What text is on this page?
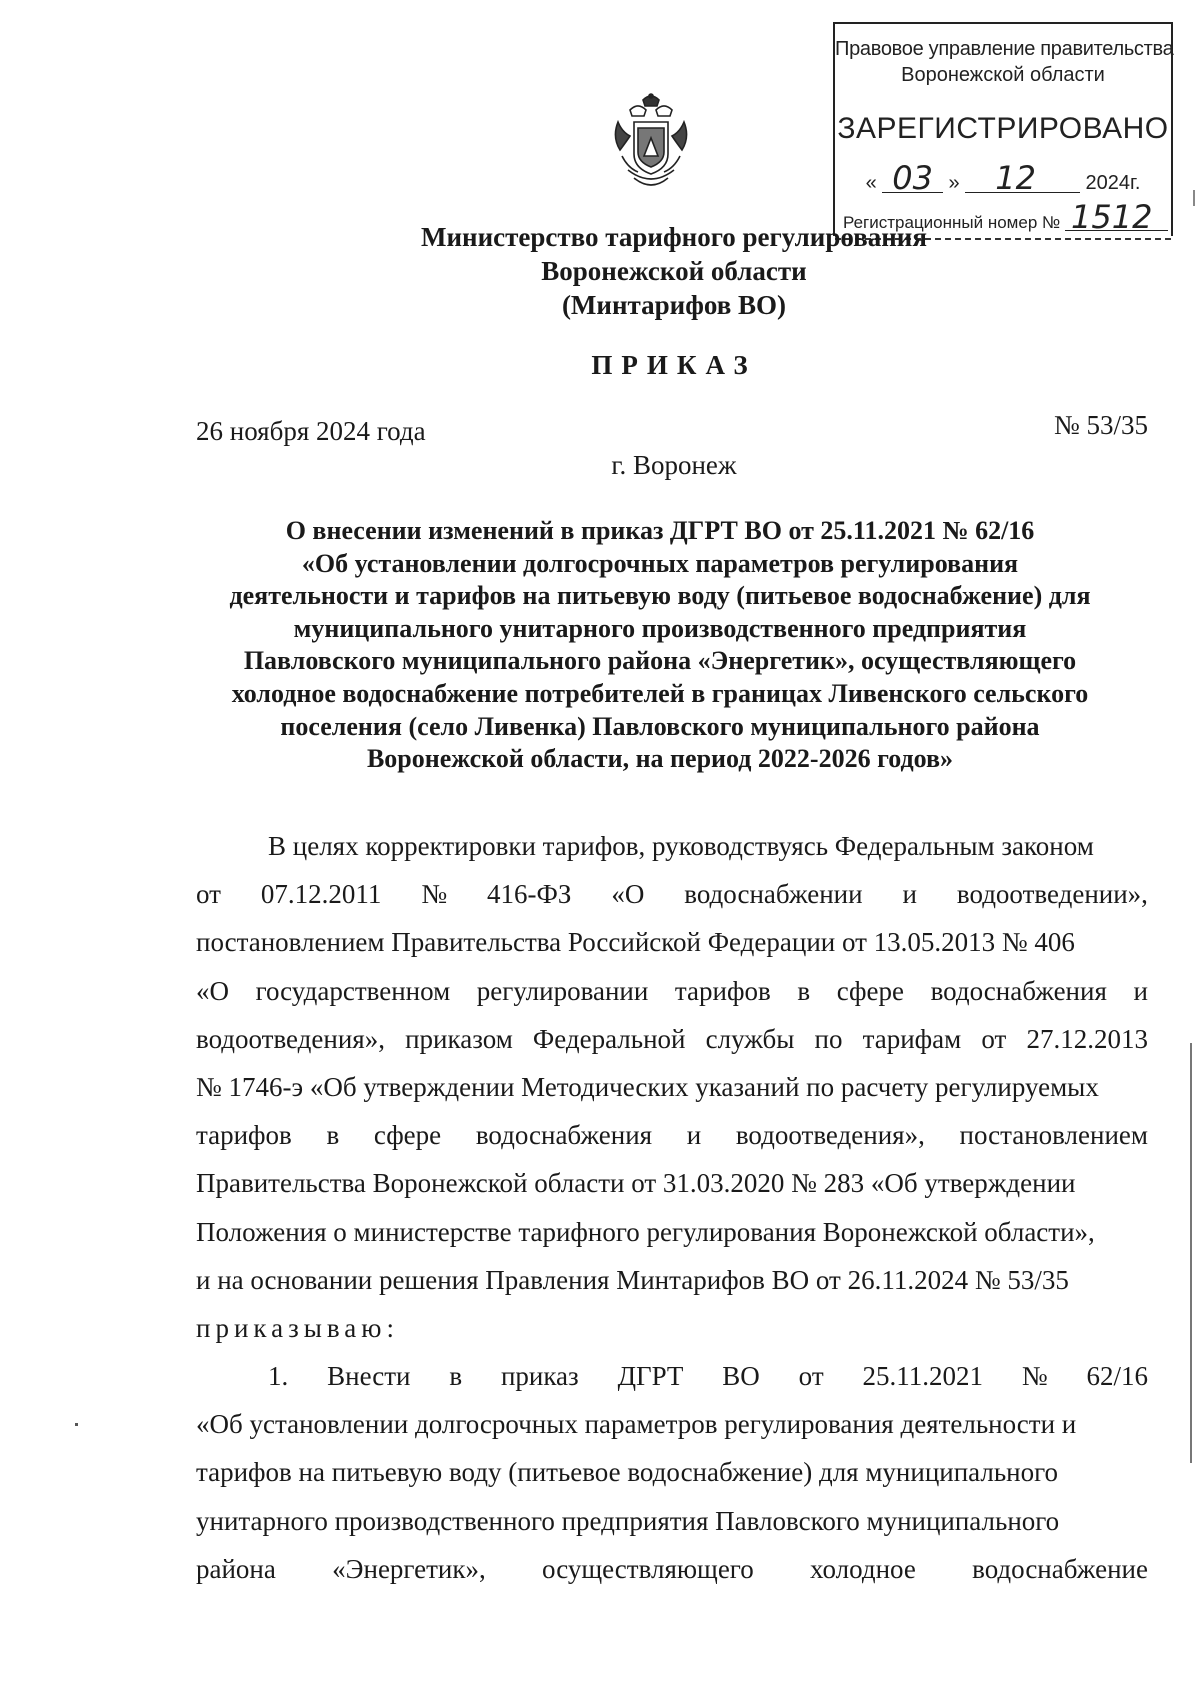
Правовое управление правительства
Воронежской области
ЗАРЕГИСТРИРОВАНО
« 03 » 12 2024г.
Регистрационный номер № 1512
Министерство тарифного регулирования
Воронежской области
(Минтарифов ВО)
ПРИКАЗ
26 ноября 2024 года	№ 53/35
г. Воронеж
О внесении изменений в приказ ДГРТ ВО от 25.11.2021 № 62/16
«Об установлении долгосрочных параметров регулирования
деятельности и тарифов на питьевую воду (питьевое водоснабжение) для
муниципального унитарного производственного предприятия
Павловского муниципального района «Энергетик», осуществляющего
холодное водоснабжение потребителей в границах Ливенского сельского
поселения (село Ливенка) Павловского муниципального района
Воронежской области, на период 2022-2026 годов»
В целях корректировки тарифов, руководствуясь Федеральным законом
от 07.12.2011 № 416-ФЗ «О водоснабжении и водоотведении»,
постановлением Правительства Российской Федерации от 13.05.2013 № 406
«О государственном регулировании тарифов в сфере водоснабжения и
водоотведения», приказом Федеральной службы по тарифам от 27.12.2013
№ 1746-э «Об утверждении Методических указаний по расчету регулируемых
тарифов в сфере водоснабжения и водоотведения», постановлением
Правительства Воронежской области от 31.03.2020 № 283 «Об утверждении
Положения о министерстве тарифного регулирования Воронежской области»,
и на основании решения Правления Минтарифов ВО от 26.11.2024 № 53/35
приказываю:
1. Внести в приказ ДГРТ ВО от 25.11.2021 № 62/16
«Об установлении долгосрочных параметров регулирования деятельности и
тарифов на питьевую воду (питьевое водоснабжение) для муниципального
унитарного производственного предприятия Павловского муниципального
района «Энергетик», осуществляющего холодное водоснабжение
